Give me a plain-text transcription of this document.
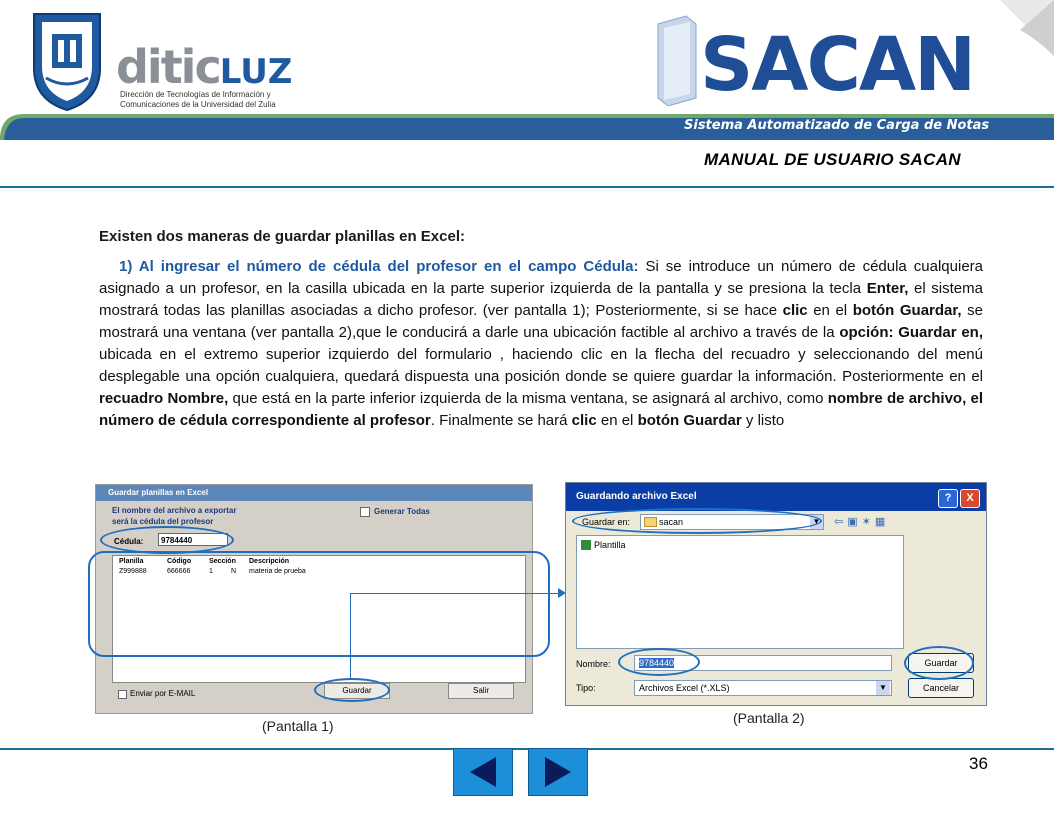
diticLUZ
Dirección de Tecnologías de Información y
Comunicaciones de la Universidad del Zulia	SACAN
Sistema Automatizado de Carga de Notas
MANUAL DE USUARIO SACAN
Existen dos maneras de guardar planillas en Excel:
1) Al ingresar el número de cédula del profesor en el campo Cédula: Si se introduce un número de cédula cualquiera asignado a un profesor, en la casilla ubicada en la parte superior izquierda de la pantalla y se presiona la tecla Enter, el sistema mostrará todas las planillas asociadas a dicho profesor. (ver pantalla 1); Posteriormente, si se hace clic en el botón Guardar, se mostrará una ventana (ver pantalla 2),que le conducirá a darle una ubicación factible al archivo a través de la opción: Guardar en, ubicada en el extremo superior izquierdo del formulario , haciendo clic en la flecha del recuadro y seleccionando del menú desplegable una opción cualquiera, quedará dispuesta una posición donde se quiere guardar la información. Posteriormente en el recuadro Nombre, que está en la parte inferior izquierda de la misma ventana, se asignará al archivo, como nombre de archivo, el número de cédula correspondiente al profesor. Finalmente se hará clic en el botón Guardar y listo
Guardar planillas en Excel
El nombre del archivo a exportar
será la cédula del profesor
Generar Todas
Cédula:	9784440
Planilla	Código	Sección Descripción
Z999888	666666	1	N materia de prueba
Enviar por E-MAIL	Guardar	Salir
Guardando archivo Excel	?	X
Guardar en:	sacan	▼ ⇦▣✶▦
Plantilla
Nombre:	9784440
Tipo:	Archivos Excel (*.XLS)	▼
Guardar
Cancelar
(Pantalla 1)	(Pantalla 2)
36
